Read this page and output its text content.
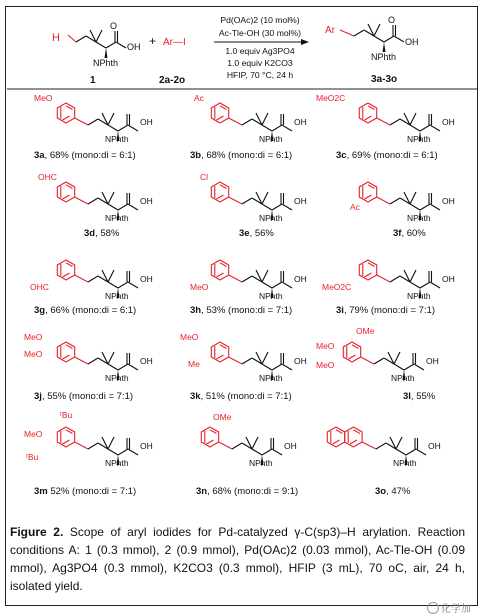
H
O
OH
NPhth
1
+ Ar—I
2a-2o
Pd(OAc)2 (10 mol%)
Ac-Tle-OH (30 mol%)
1.0 equiv Ag3PO4
1.0 equiv K2CO3
HFIP, 70 °C, 24 h
Ar
O
OH
NPhth
3a-3o
MeO	Ac	MeO2C
OHC	Cl
Ac
OHC	MeO	MeO2C
MeO
MeO
MeO
Me
OMe
MeO
MeO
ᵗBu
MeO
ᵗBu
OMe
3a, 68% (mono:di = 6:1)	3b, 68% (mono:di = 6:1)	3c, 69% (mono:di = 6:1)
3d, 58%	3e, 56%	3f, 60%
3g, 66% (mono:di = 6:1)	3h, 53% (mono:di = 7:1)	3i, 79% (mono:di = 7:1)
3j, 55% (mono:di = 7:1)	3k, 51% (mono:di = 7:1)	3l, 55%
3m 52% (mono:di = 7:1)	3n, 68% (mono:di = 9:1)	3o, 47%
OH
NPhth
OH
NPhth
OH
NPhth
OH
NPhth
OH
NPhth
OH
NPhth
OH
NPhth
OH
NPhth
OH
NPhth
OH
NPhth
OH
NPhth
OH
NPhth
OH
NPhth
OH
NPhth
OH
NPhth
Figure 2. Scope of aryl iodides for Pd-catalyzed γ-C(sp3)–H arylation. Reaction conditions A: 1 (0.3 mmol), 2 (0.9 mmol), Pd(OAc)2 (0.03 mmol), Ac-Tle-OH (0.09 mmol), Ag3PO4 (0.3 mmol), K2CO3 (0.3 mmol), HFIP (3 mL), 70 oC, air, 24 h, isolated yield.
化学加
